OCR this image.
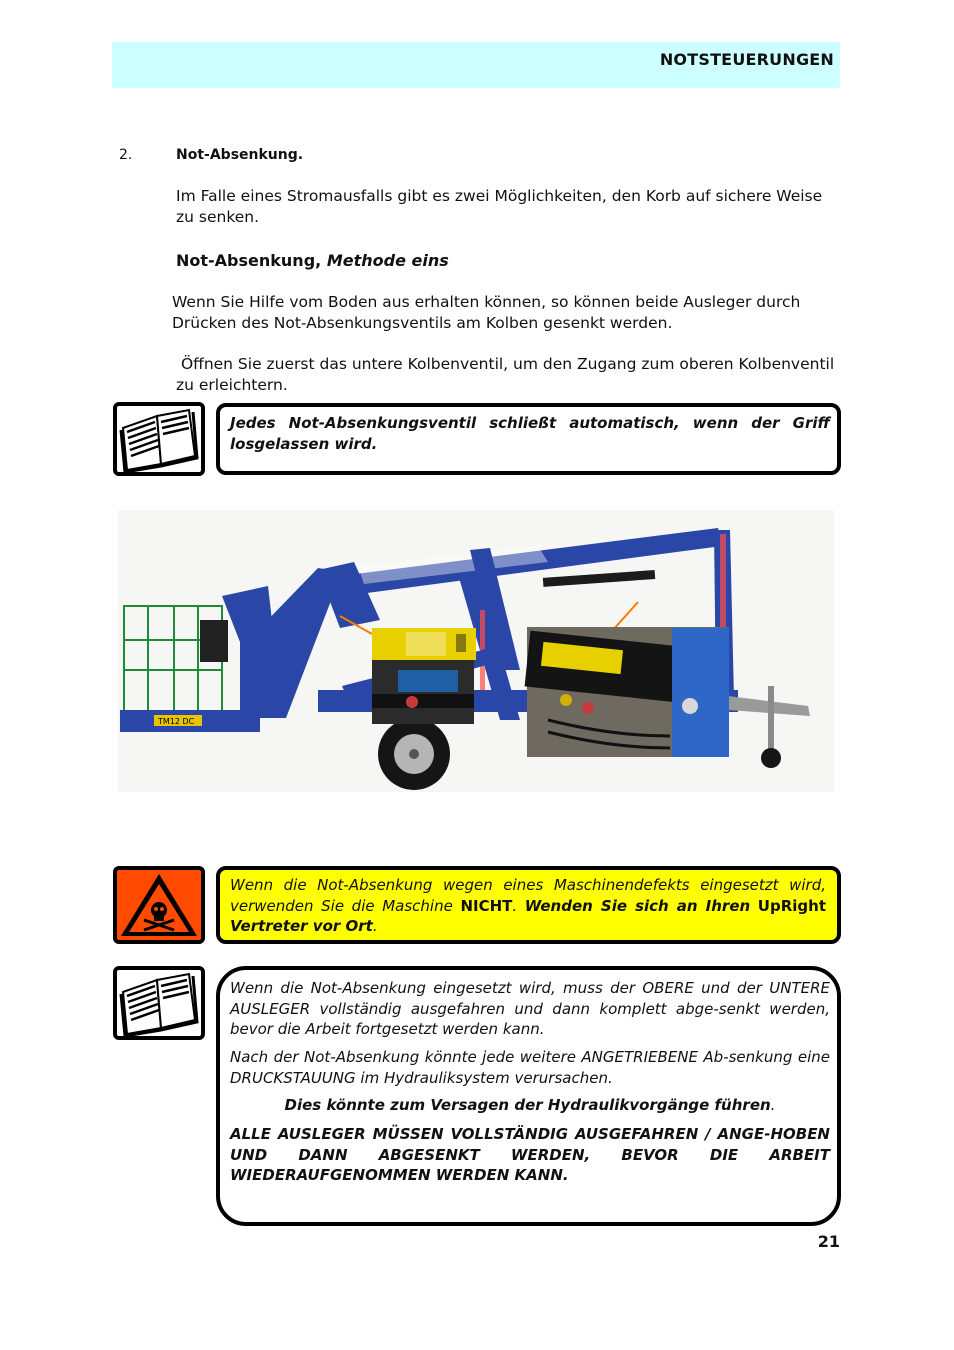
NOTSTEUERUNGEN
2.	Not-Absenkung.
Im Falle eines Stromausfalls gibt es zwei Möglichkeiten, den Korb auf sichere Weise zu senken.
Not-Absenkung, Methode eins
Wenn Sie Hilfe vom Boden aus erhalten können, so können beide Ausleger durch Drücken des Not-Absenkungsventils am Kolben gesenkt werden.
Öffnen Sie zuerst das untere Kolbenventil, um den Zugang zum oberen Kolbenventil zu erleichtern.
Jedes Not-Absenkungsventil schließt automatisch, wenn der Griff losgelassen wird.
TM12 DC
Wenn die Not-Absenkung wegen eines Maschinendefekts eingesetzt wird, verwenden Sie die Maschine NICHT. Wenden Sie sich an Ihren UpRight Vertreter vor Ort.
Wenn die Not-Absenkung eingesetzt wird, muss der OBERE und der UNTERE AUSLEGER vollständig ausgefahren und dann komplett abge-senkt werden, bevor die Arbeit fortgesetzt werden kann.
Nach der Not-Absenkung könnte jede weitere ANGETRIEBENE Ab-senkung eine DRUCKSTAUUNG im Hydrauliksystem verursachen.
Dies könnte zum Versagen der Hydraulikvorgänge führen.
ALLE AUSLEGER MÜSSEN VOLLSTÄNDIG AUSGEFAHREN / ANGE-HOBEN UND DANN ABGESENKT WERDEN, BEVOR DIE ARBEIT WIEDERAUFGENOMMEN WERDEN KANN.
21
